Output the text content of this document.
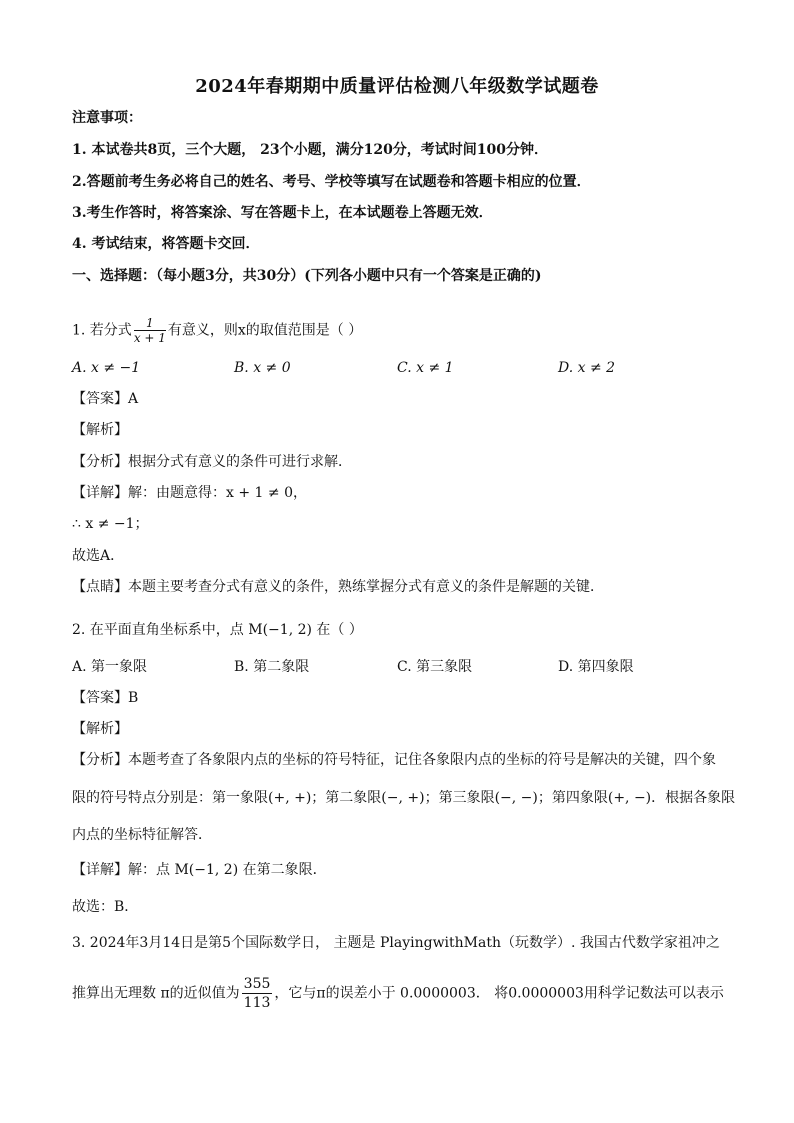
2024年春期期中质量评估检测八年级数学试题卷
注意事项：
1. 本试卷共8页，三个大题， 23个小题，满分120分，考试时间100分钟．
2.答题前考生务必将自己的姓名、考号、学校等填写在试题卷和答题卡相应的位置．
3.考生作答时，将答案涂、写在答题卡上，在本试题卷上答题无效．
4. 考试结束，将答题卡交回．
一、选择题：（每小题3分，共30分）(下列各小题中只有一个答案是正确的)
1. 若分式 $\frac{1}{x + 1}$ 有意义，则x的取值范围是（ ）
A. x ≠ −1	B. x ≠ 0	C. x ≠ 1	D. x ≠ 2
【答案】A
【解析】
【分析】根据分式有意义的条件可进行求解．
【详解】解：由题意得：x + 1 ≠ 0，
∴ x ≠ −1；
故选A．
【点睛】本题主要考查分式有意义的条件，熟练掌握分式有意义的条件是解题的关键．
2. 在平面直角坐标系中，点 M(−1, 2) 在（ ）
A. 第一象限	B. 第二象限	C. 第三象限	D. 第四象限
【答案】B
【解析】
【分析】本题考查了各象限内点的坐标的符号特征，记住各象限内点的坐标的符号是解决的关键，四个象
限的符号特点分别是：第一象限(+, +)；第二象限(−, +)；第三象限(−, −)；第四象限(+, −)．根据各象限
内点的坐标特征解答．
【详解】解：点 M(−1, 2) 在第二象限．
故选：B．
3. 2024年3月14日是第5个国际数学日， 主题是 PlayingwithMath（玩数学）. 我国古代数学家祖冲之
推算出无理数 π的近似值为 $\frac{355}{113}$ ，它与π的误差小于 0.0000003． 将0.0000003用科学记数法可以表示
